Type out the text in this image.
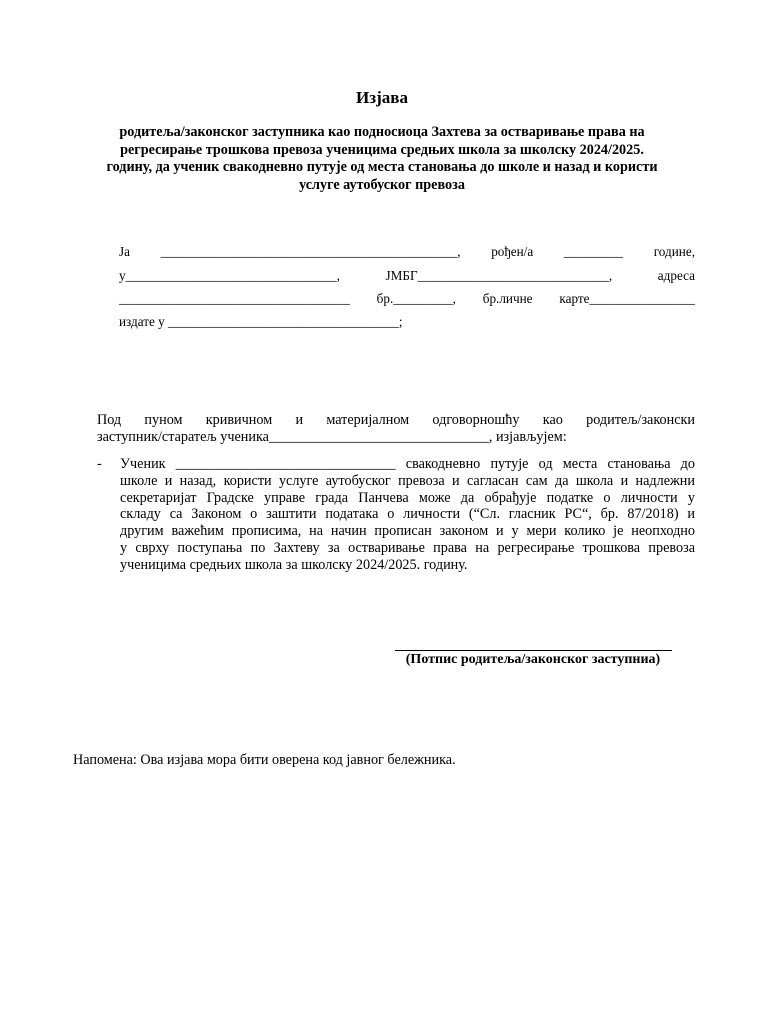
Изјава
родитеља/законског заступника као подносиоца Захтева за остваривање права на
регресирање трошкова превоза ученицима средњих школа за школску 2024/2025.
годину, да ученик свакодневно путује од места становања до школе и назад и користи
услуге аутобуског превоза
Ја _____________________________________________, рођен/а _________ године,
у________________________________, ЈМБГ_____________________________, адреса
___________________________________ бр._________, бр.личне карте________________
издате у ___________________________________;
Под пуном кривичном и материјалном одговорношћу као родитељ/законски
заступник/старатељ ученика_______________________________, изјављујем:
- Ученик _______________________________ свакодневно путује од места становања до
школе и назад, користи услуге аутобуског превоза и сагласан сам да школа и надлежни
секретаријат Градске управе града Панчева може да обрађује податке о личности у
складу са Законом о заштити података о личности (“Сл. гласник РС“, бр. 87/2018) и
другим важећим прописима, на начин прописан законом и у мери колико је неопходно
у сврху поступања по Захтеву за остваривање права на регресирање трошкова превоза
ученицима средњих школа за школску 2024/2025. годину.
(Потпис родитеља/законског заступниа)
Напомена: Ова изјава мора бити оверена код јавног бележника.
